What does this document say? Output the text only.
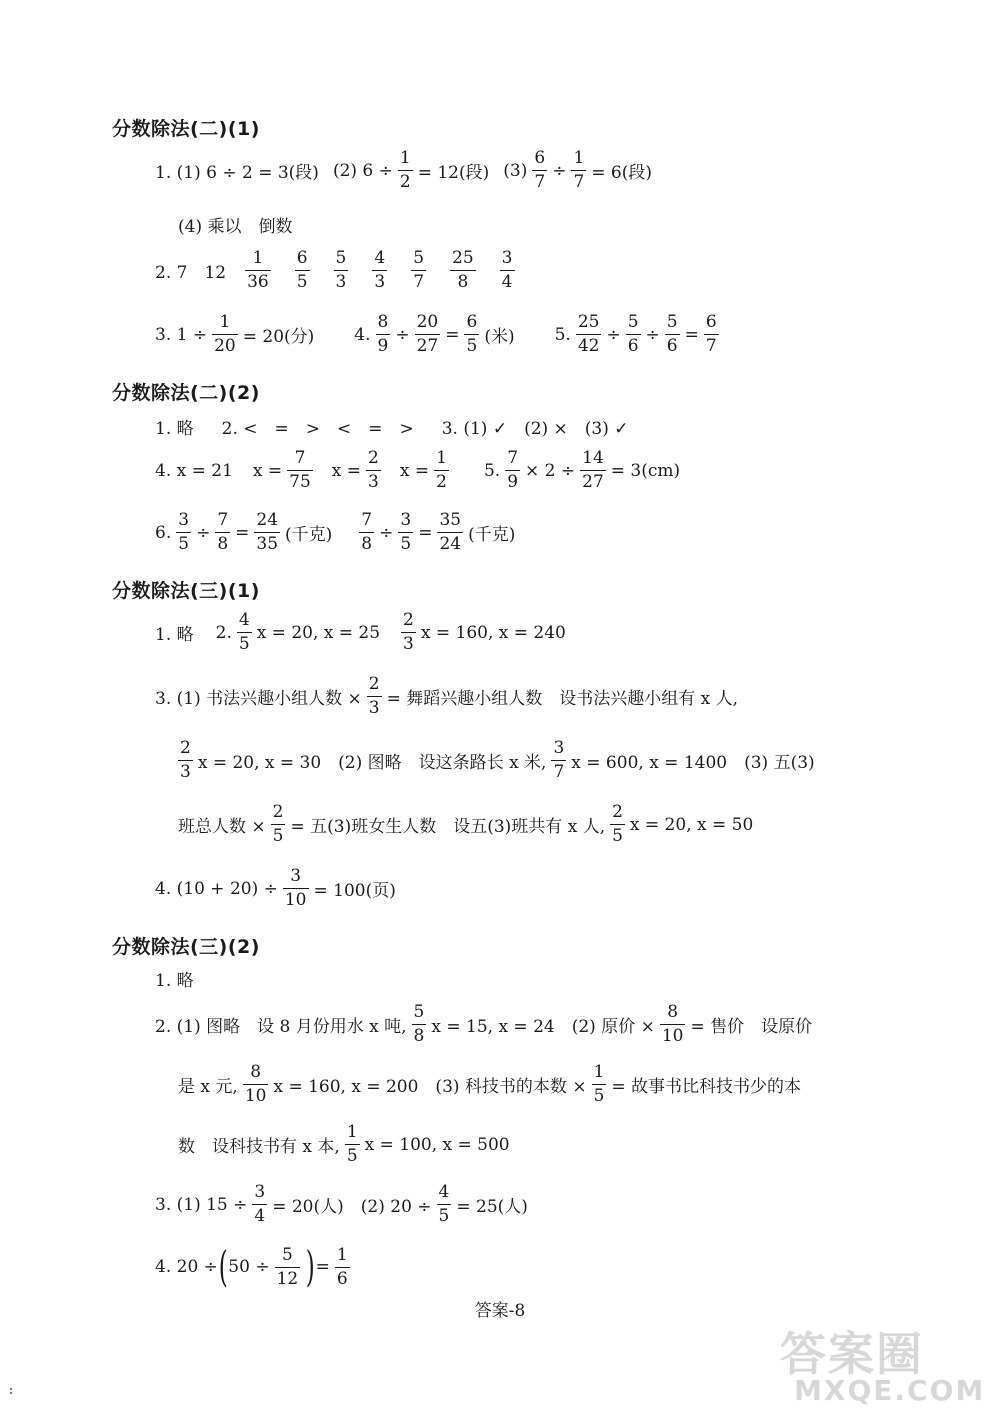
分数除法(二)(1)
1. (1) 6 ÷ 2 = 3(段) (2) $6 \div \frac{1}{2} = 12$(段) $(3) \frac{6}{7} \div \frac{1}{7} = 6$(段)
(4) 乘以　倒数
2. 7　$12 \frac{1}{36} \frac{6}{5} \frac{5}{3} \frac{4}{3} \frac{5}{7} \frac{25}{8} \frac{3}{4}$
3. $1 \div \frac{1}{20} = 20$(分) 4. $\frac{8}{9} \div \frac{20}{27} = \frac{6}{5}$ (米) 5. $\frac{25}{42} \div \frac{5}{6} \div \frac{5}{6} = \frac{6}{7}$
分数除法(二)(2)
1. 略 2. <　=　>　<　=　> 3. (1) ✓　(2) ×　(3) ✓
4. x = 21 $x = \frac{7}{75}$ $x = \frac{2}{3}$ $x = \frac{1}{2} 5$. $\frac{7}{9} \times 2 \div \frac{14}{27} = 3(cm)$
6. $\frac{3}{5} \div \frac{7}{8} = \frac{24}{35}$ (千克) $\frac{7}{8} \div \frac{3}{5} = \frac{35}{24}$ (千克)
分数除法(三)(1)
1. 略 2. $\frac{4}{5}$ x = 20, $x = 25 \frac{2}{3}$ x = 160, x = 240
3. (1) 书法兴趣小组人数 × $\frac{2}{3}$ = 舞蹈兴趣小组人数　设书法兴趣小组有 x 人,
$\frac{2}{3}$ x = 20, x = 30　(2) 图略　设这条路长 x 米, $\frac{3}{7}$ x = 600, x = 1400　(3) 五(3)
班总人数 × $\frac{2}{5}$ = 五(3)班女生人数　设五(3)班共有 x 人, $\frac{2}{5}$ x = 20, x = 50
4. $(10 + 20) \div \frac{3}{10} = 100$(页)
分数除法(三)(2)
1. 略
2. (1) 图略　设 8 月份用水 x 吨, $\frac{5}{8}$ x = 15, x = 24　(2) 原价 × $\frac{8}{10}$ = 售价　设原价
是 x 元, $\frac{8}{10}$ x = 160, x = 200　(3) 科技书的本数 × $\frac{1}{5}$ = 故事书比科技书少的本
数　设科技书有 x 本, $\frac{1}{5}$ x = 100, x = 500
3. (1) $15 \div \frac{3}{4} = 20$(人)　(2) $20 \div \frac{4}{5} = 25$(人)
4. 20 ÷ ( $50 \div \frac{5}{12}$ ) = $\frac{1}{6}$
答案-8
答案圈
MXQE.COM
